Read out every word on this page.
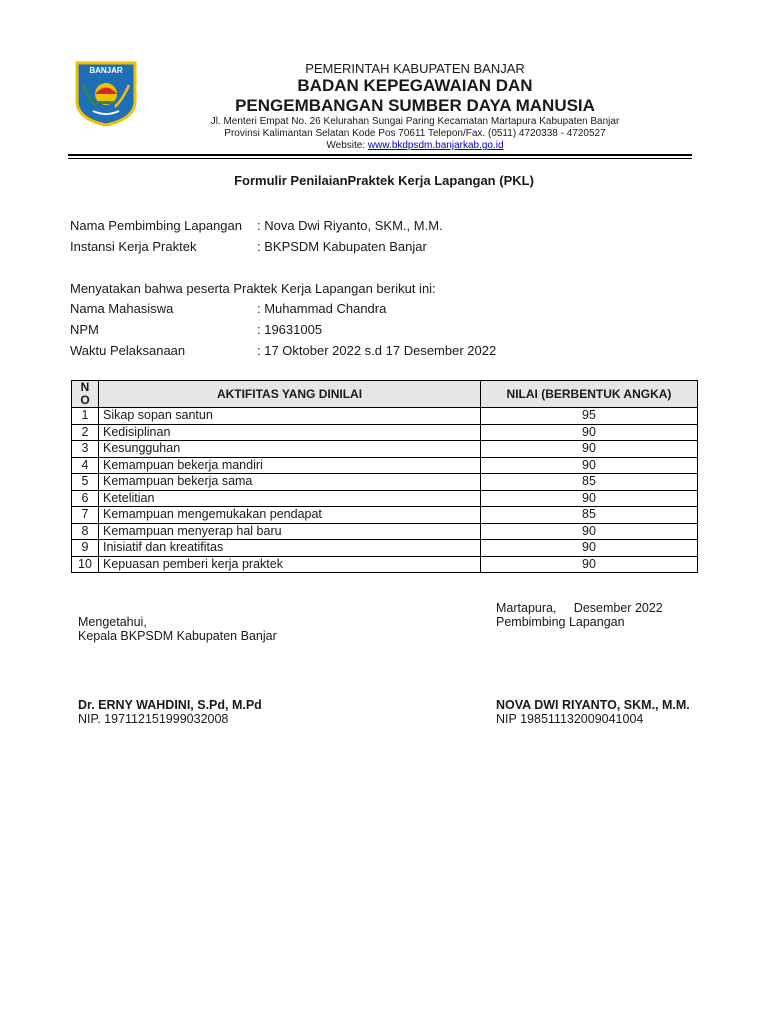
BANJAR	PEMERINTAH KABUPATEN BANJAR
BADAN KEPEGAWAIAN DAN
PENGEMBANGAN SUMBER DAYA MANUSIA
Jl. Menteri Empat No. 26 Kelurahan Sungai Paring Kecamatan Martapura Kabupaten Banjar
Provinsi Kalimantan Selatan Kode Pos 70611 Telepon/Fax. (0511) 4720338 - 4720527
Website: www.bkdpsdm.banjarkab.go.id
Formulir PenilaianPraktek Kerja Lapangan (PKL)
Nama Pembimbing Lapangan : Nova Dwi Riyanto, SKM., M.M.
Instansi Kerja Praktek	: BKPSDM Kabupaten Banjar
Menyatakan bahwa peserta Praktek Kerja Lapangan berikut ini:
Nama Mahasiswa	: Muhammad Chandra
NPM	: 19631005
Waktu Pelaksanaan	: 17 Oktober 2022 s.d 17 Desember 2022
N
O	AKTIFITAS YANG DINILAI	NILAI (BERBENTUK ANGKA)
1	Sikap sopan santun	95
2	Kedisiplinan	90
3	Kesungguhan	90
4	Kemampuan bekerja mandiri	90
5	Kemampuan bekerja sama	85
6	Ketelitian	90
7	Kemampuan mengemukakan pendapat	85
8	Kemampuan menyerap hal baru	90
9	Inisiatif dan kreatifitas	90
10	Kepuasan pemberi kerja praktek	90
Mengetahui,
Kepala BKPSDM Kabupaten Banjar
Dr. ERNY WAHDINI, S.Pd, M.Pd
NIP. 197112151999032008
Martapura,     Desember 2022
Pembimbing Lapangan
NOVA DWI RIYANTO, SKM., M.M.
NIP 198511132009041004
